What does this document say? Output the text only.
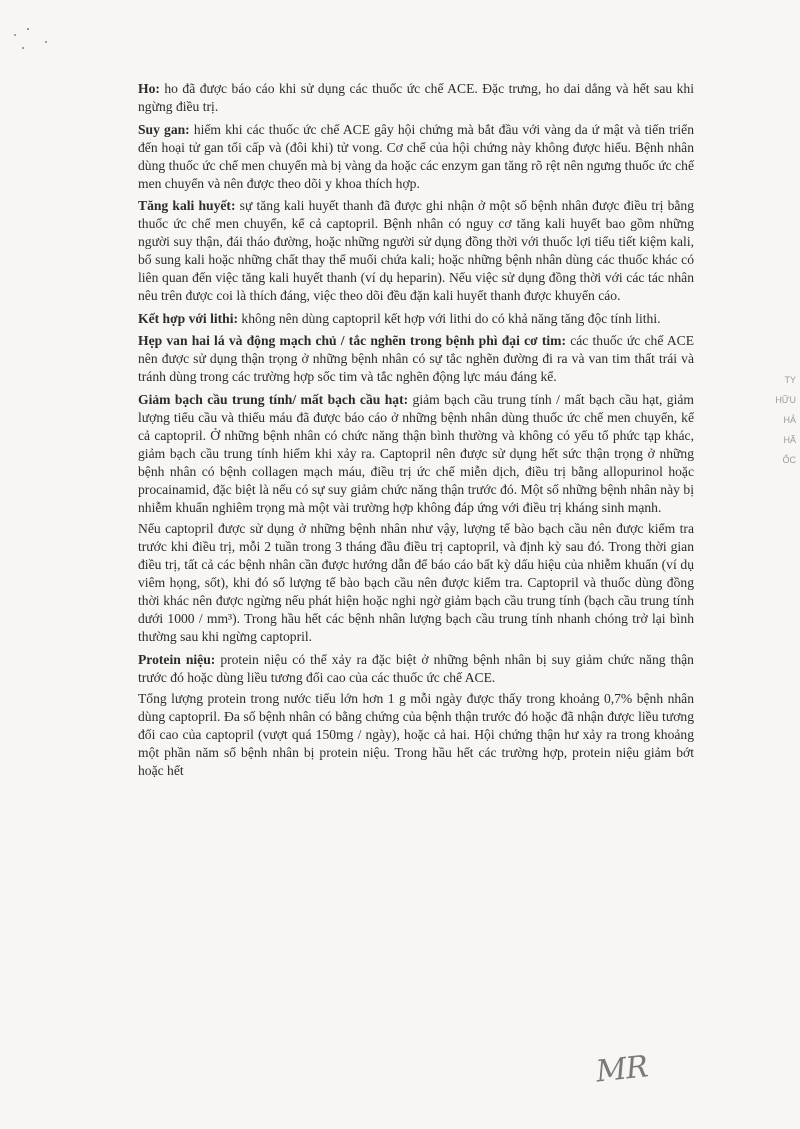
Ho: ho đã được báo cáo khi sử dụng các thuốc ức chế ACE. Đặc trưng, ho dai dẳng và hết sau khi ngừng điều trị.

Suy gan: hiếm khi các thuốc ức chế ACE gây hội chứng mà bắt đầu với vàng da ứ mật và tiến triển đến hoại tử gan tối cấp và (đôi khi) tử vong. Cơ chế của hội chứng này không được hiểu. Bệnh nhân dùng thuốc ức chế men chuyển mà bị vàng da hoặc các enzym gan tăng rõ rệt nên ngưng thuốc ức chế men chuyển và nên được theo dõi y khoa thích hợp.

Tăng kali huyết: sự tăng kali huyết thanh đã được ghi nhận ở một số bệnh nhân được điều trị bằng thuốc ức chế men chuyển, kể cả captopril. Bệnh nhân có nguy cơ tăng kali huyết bao gồm những người suy thận, đái tháo đường, hoặc những người sử dụng đồng thời với thuốc lợi tiểu tiết kiệm kali, bổ sung kali hoặc những chất thay thế muối chứa kali; hoặc những bệnh nhân dùng các thuốc khác có liên quan đến việc tăng kali huyết thanh (ví dụ heparin). Nếu việc sử dụng đồng thời với các tác nhân nêu trên được coi là thích đáng, việc theo dõi đều đặn kali huyết thanh được khuyến cáo.

Kết hợp với lithi: không nên dùng captopril kết hợp với lithi do có khả năng tăng độc tính lithi.

Hẹp van hai lá và động mạch chủ / tắc nghẽn trong bệnh phì đại cơ tim: các thuốc ức chế ACE nên được sử dụng thận trọng ở những bệnh nhân có sự tắc nghẽn đường đi ra và van tim thất trái và tránh dùng trong các trường hợp sốc tim và tắc nghẽn động lực máu đáng kể.

Giảm bạch cầu trung tính/ mất bạch cầu hạt: giảm bạch cầu trung tính / mất bạch cầu hạt, giảm lượng tiểu cầu và thiếu máu đã được báo cáo ở những bệnh nhân dùng thuốc ức chế men chuyển, kể cả captopril. Ở những bệnh nhân có chức năng thận bình thường và không có yếu tố phức tạp khác, giảm bạch cầu trung tính hiếm khi xảy ra. Captopril nên được sử dụng hết sức thận trọng ở những bệnh nhân có bệnh collagen mạch máu, điều trị ức chế miễn dịch, điều trị bằng allopurinol hoặc procainamid, đặc biệt là nếu có sự suy giảm chức năng thận trước đó. Một số những bệnh nhân này bị nhiễm khuẩn nghiêm trọng mà một vài trường hợp không đáp ứng với điều trị kháng sinh mạnh.

Nếu captopril được sử dụng ở những bệnh nhân như vậy, lượng tế bào bạch cầu nên được kiểm tra trước khi điều trị, mỗi 2 tuần trong 3 tháng đầu điều trị captopril, và định kỳ sau đó. Trong thời gian điều trị, tất cả các bệnh nhân cần được hướng dẫn để báo cáo bất kỳ dấu hiệu của nhiễm khuẩn (ví dụ viêm họng, sốt), khi đó số lượng tế bào bạch cầu nên được kiểm tra. Captopril và thuốc dùng đồng thời khác nên được ngừng nếu phát hiện hoặc nghi ngờ giảm bạch cầu trung tính (bạch cầu trung tính dưới 1000 / mm³). Trong hầu hết các bệnh nhân lượng bạch cầu trung tính nhanh chóng trở lại bình thường sau khi ngừng captopril.

Protein niệu: protein niệu có thể xảy ra đặc biệt ở những bệnh nhân bị suy giảm chức năng thận trước đó hoặc dùng liều tương đối cao của các thuốc ức chế ACE.

Tổng lượng protein trong nước tiểu lớn hơn 1 g mỗi ngày được thấy trong khoảng 0,7% bệnh nhân dùng captopril. Đa số bệnh nhân có bằng chứng của bệnh thận trước đó hoặc đã nhận được liều tương đối cao của captopril (vượt quá 150mg / ngày), hoặc cả hai. Hội chứng thận hư xảy ra trong khoảng một phần năm số bệnh nhân bị protein niệu. Trong hầu hết các trường hợp, protein niệu giảm bớt hoặc hết

TY
HỮU
HẢ
HÃ
ỐC
MR
